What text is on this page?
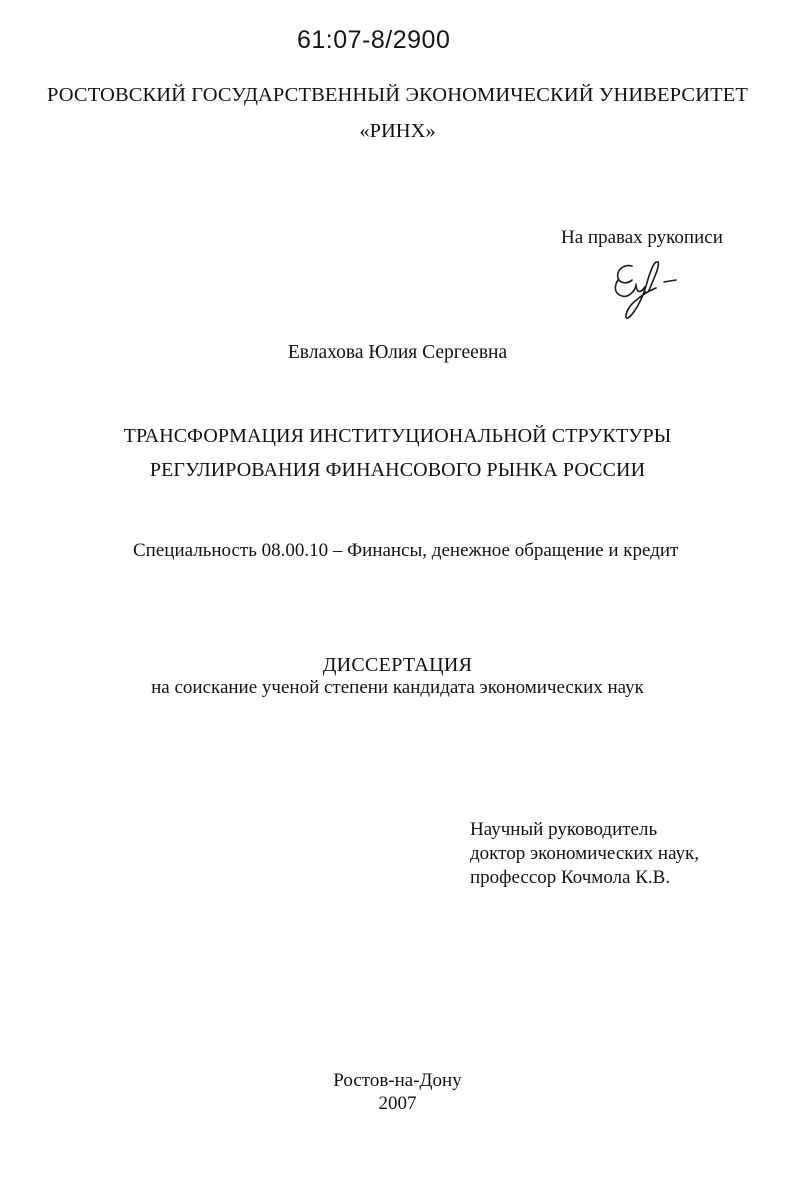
61:07-8/2900
РОСТОВСКИЙ ГОСУДАРСТВЕННЫЙ ЭКОНОМИЧЕСКИЙ УНИВЕРСИТЕТ
«РИНХ»
На правах рукописи
Евлахова Юлия Сергеевна
ТРАНСФОРМАЦИЯ ИНСТИТУЦИОНАЛЬНОЙ СТРУКТУРЫ
РЕГУЛИРОВАНИЯ ФИНАНСОВОГО РЫНКА РОССИИ
Специальность 08.00.10 – Финансы, денежное обращение и кредит
ДИССЕРТАЦИЯ
на соискание ученой степени кандидата экономических наук
Научный руководитель
доктор экономических наук,
профессор Кочмола К.В.
Ростов-на-Дону
2007
